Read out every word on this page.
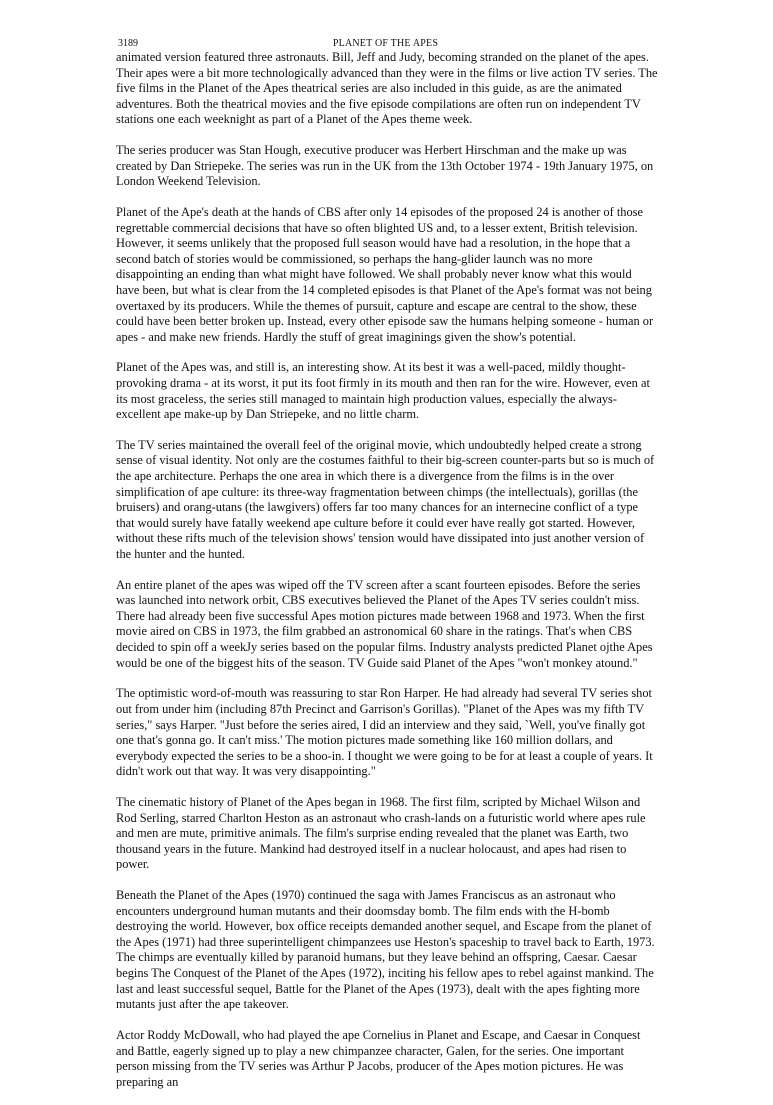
3189	PLANET OF THE APES

animated version featured three astronauts. Bill, Jeff and Judy, becoming stranded on the planet of the apes. Their apes were a bit more technologically advanced than they were in the films or live action TV series. The five films in the Planet of the Apes theatrical series are also included in this guide, as are the animated adventures. Both the theatrical movies and the five episode compilations are often run on independent TV stations one each weeknight as part of a Planet of the Apes theme week.

The series producer was Stan Hough, executive producer was Herbert Hirschman and the make up was created by Dan Striepeke. The series was run in the UK from the 13th October 1974 - 19th January 1975, on London Weekend Television.

Planet of the Ape's death at the hands of CBS after only 14 episodes of the proposed 24 is another of those regrettable commercial decisions that have so often blighted US and, to a lesser extent, British television. However, it seems unlikely that the proposed full season would have had a resolution, in the hope that a second batch of stories would be commissioned, so perhaps the hang-glider launch was no more disappointing an ending than what might have followed. We shall probably never know what this would have been, but what is clear from the 14 completed episodes is that Planet of the Ape's format was not being overtaxed by its producers. While the themes of pursuit, capture and escape are central to the show, these could have been better broken up. Instead, every other episode saw the humans helping someone - human or apes - and make new friends. Hardly the stuff of great imaginings given the show's potential.

Planet of the Apes was, and still is, an interesting show. At its best it was a well-paced, mildly thought-provoking drama - at its worst, it put its foot firmly in its mouth and then ran for the wire. However, even at its most graceless, the series still managed to maintain high production values, especially the always-excellent ape make-up by Dan Striepeke, and no little charm.

The TV series maintained the overall feel of the original movie, which undoubtedly helped create a strong sense of visual identity. Not only are the costumes faithful to their big-screen counter-parts but so is much of the ape architecture. Perhaps the one area in which there is a divergence from the films is in the over simplification of ape culture: its three-way fragmentation between chimps (the intellectuals), gorillas (the bruisers) and orang-utans (the lawgivers) offers far too many chances for an internecine conflict of a type that would surely have fatally weekend ape culture before it could ever have really got started. However, without these rifts much of the television shows' tension would have dissipated into just another version of the hunter and the hunted.

An entire planet of the apes was wiped off the TV screen after a scant fourteen episodes. Before the series was launched into network orbit, CBS executives believed the Planet of the Apes TV series couldn't miss. There had already been five successful Apes motion pictures made between 1968 and 1973. When the first movie aired on CBS in 1973, the film grabbed an astronomical 60 share in the ratings. That's when CBS decided to spin off a weekJy series based on the popular films. Industry analysts predicted Planet ojthe Apes would be one of the biggest hits of the season. TV Guide said Planet of the Apes "won't monkey atound."

The optimistic word-of-mouth was reassuring to star Ron Harper. He had already had several TV series shot out from under him (including 87th Precinct and Garrison's Gorillas). "Planet of the Apes was my fifth TV series," says Harper. "Just before the series aired, I did an interview and they said, `Well, you've finally got one that's gonna go. It can't miss.' The motion pictures made something like 160 million dollars, and everybody expected the series to be a shoo-in. I thought we were going to be for at least a couple of years. It didn't work out that way. It was very disappointing."

The cinematic history of Planet of the Apes began in 1968. The first film, scripted by Michael Wilson and Rod Serling, starred Charlton Heston as an astronaut who crash-lands on a futuristic world where apes rule and men are mute, primitive animals. The film's surprise ending revealed that the planet was Earth, two thousand years in the future. Mankind had destroyed itself in a nuclear holocaust, and apes had risen to power.

Beneath the Planet of the Apes (1970) continued the saga with James Franciscus as an astronaut who encounters underground human mutants and their doomsday bomb. The film ends with the H-bomb destroying the world. However, box office receipts demanded another sequel, and Escape from the planet of the Apes (1971) had three superintelligent chimpanzees use Heston's spaceship to travel back to Earth, 1973. The chimps are eventually killed by paranoid humans, but they leave behind an offspring, Caesar. Caesar begins The Conquest of the Planet of the Apes (1972), inciting his fellow apes to rebel against mankind. The last and least successful sequel, Battle for the Planet of the Apes (1973), dealt with the apes fighting more mutants just after the ape takeover.

Actor Roddy McDowall, who had played the ape Cornelius in Planet and Escape, and Caesar in Conquest and Battle, eagerly signed up to play a new chimpanzee character, Galen, for the series. One important person missing from the TV series was Arthur P Jacobs, producer of the Apes motion pictures. He was preparing an
